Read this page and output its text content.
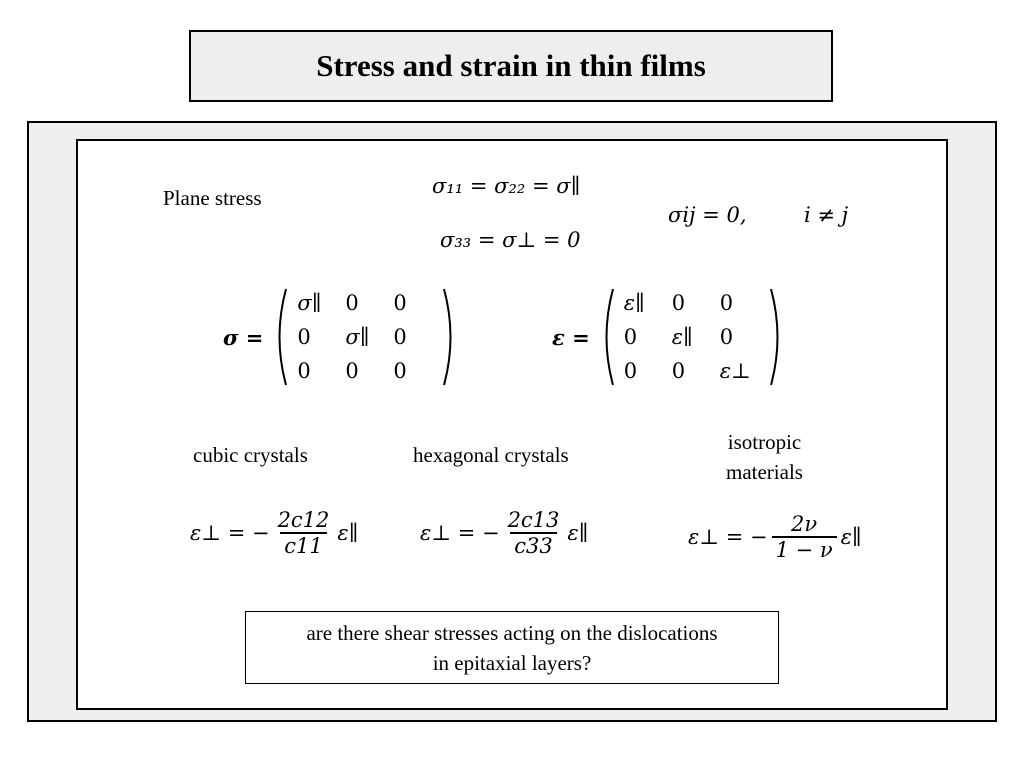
Stress and strain in thin films
Plane stress	σ₁₁ = σ₂₂ = σ∥
σ₃₃ = σ⊥ = 0
σij = 0,	i ≠ j
σ =
σ∥ 0 0
0 σ∥ 0
0 0 0
ε =
ε∥ 0 0
0 ε∥ 0
0 0 ε⊥
cubic crystals	hexagonal crystals
isotropic
materials
ε⊥ = − $\frac{2c12}{c11}$ ε∥	ε⊥ = − $\frac{2c13}{c33}$ ε∥	ε⊥ = − $\frac{2\nu}{1 - \nu}$ ε∥
are there shear stresses acting on the dislocations
in epitaxial layers?
